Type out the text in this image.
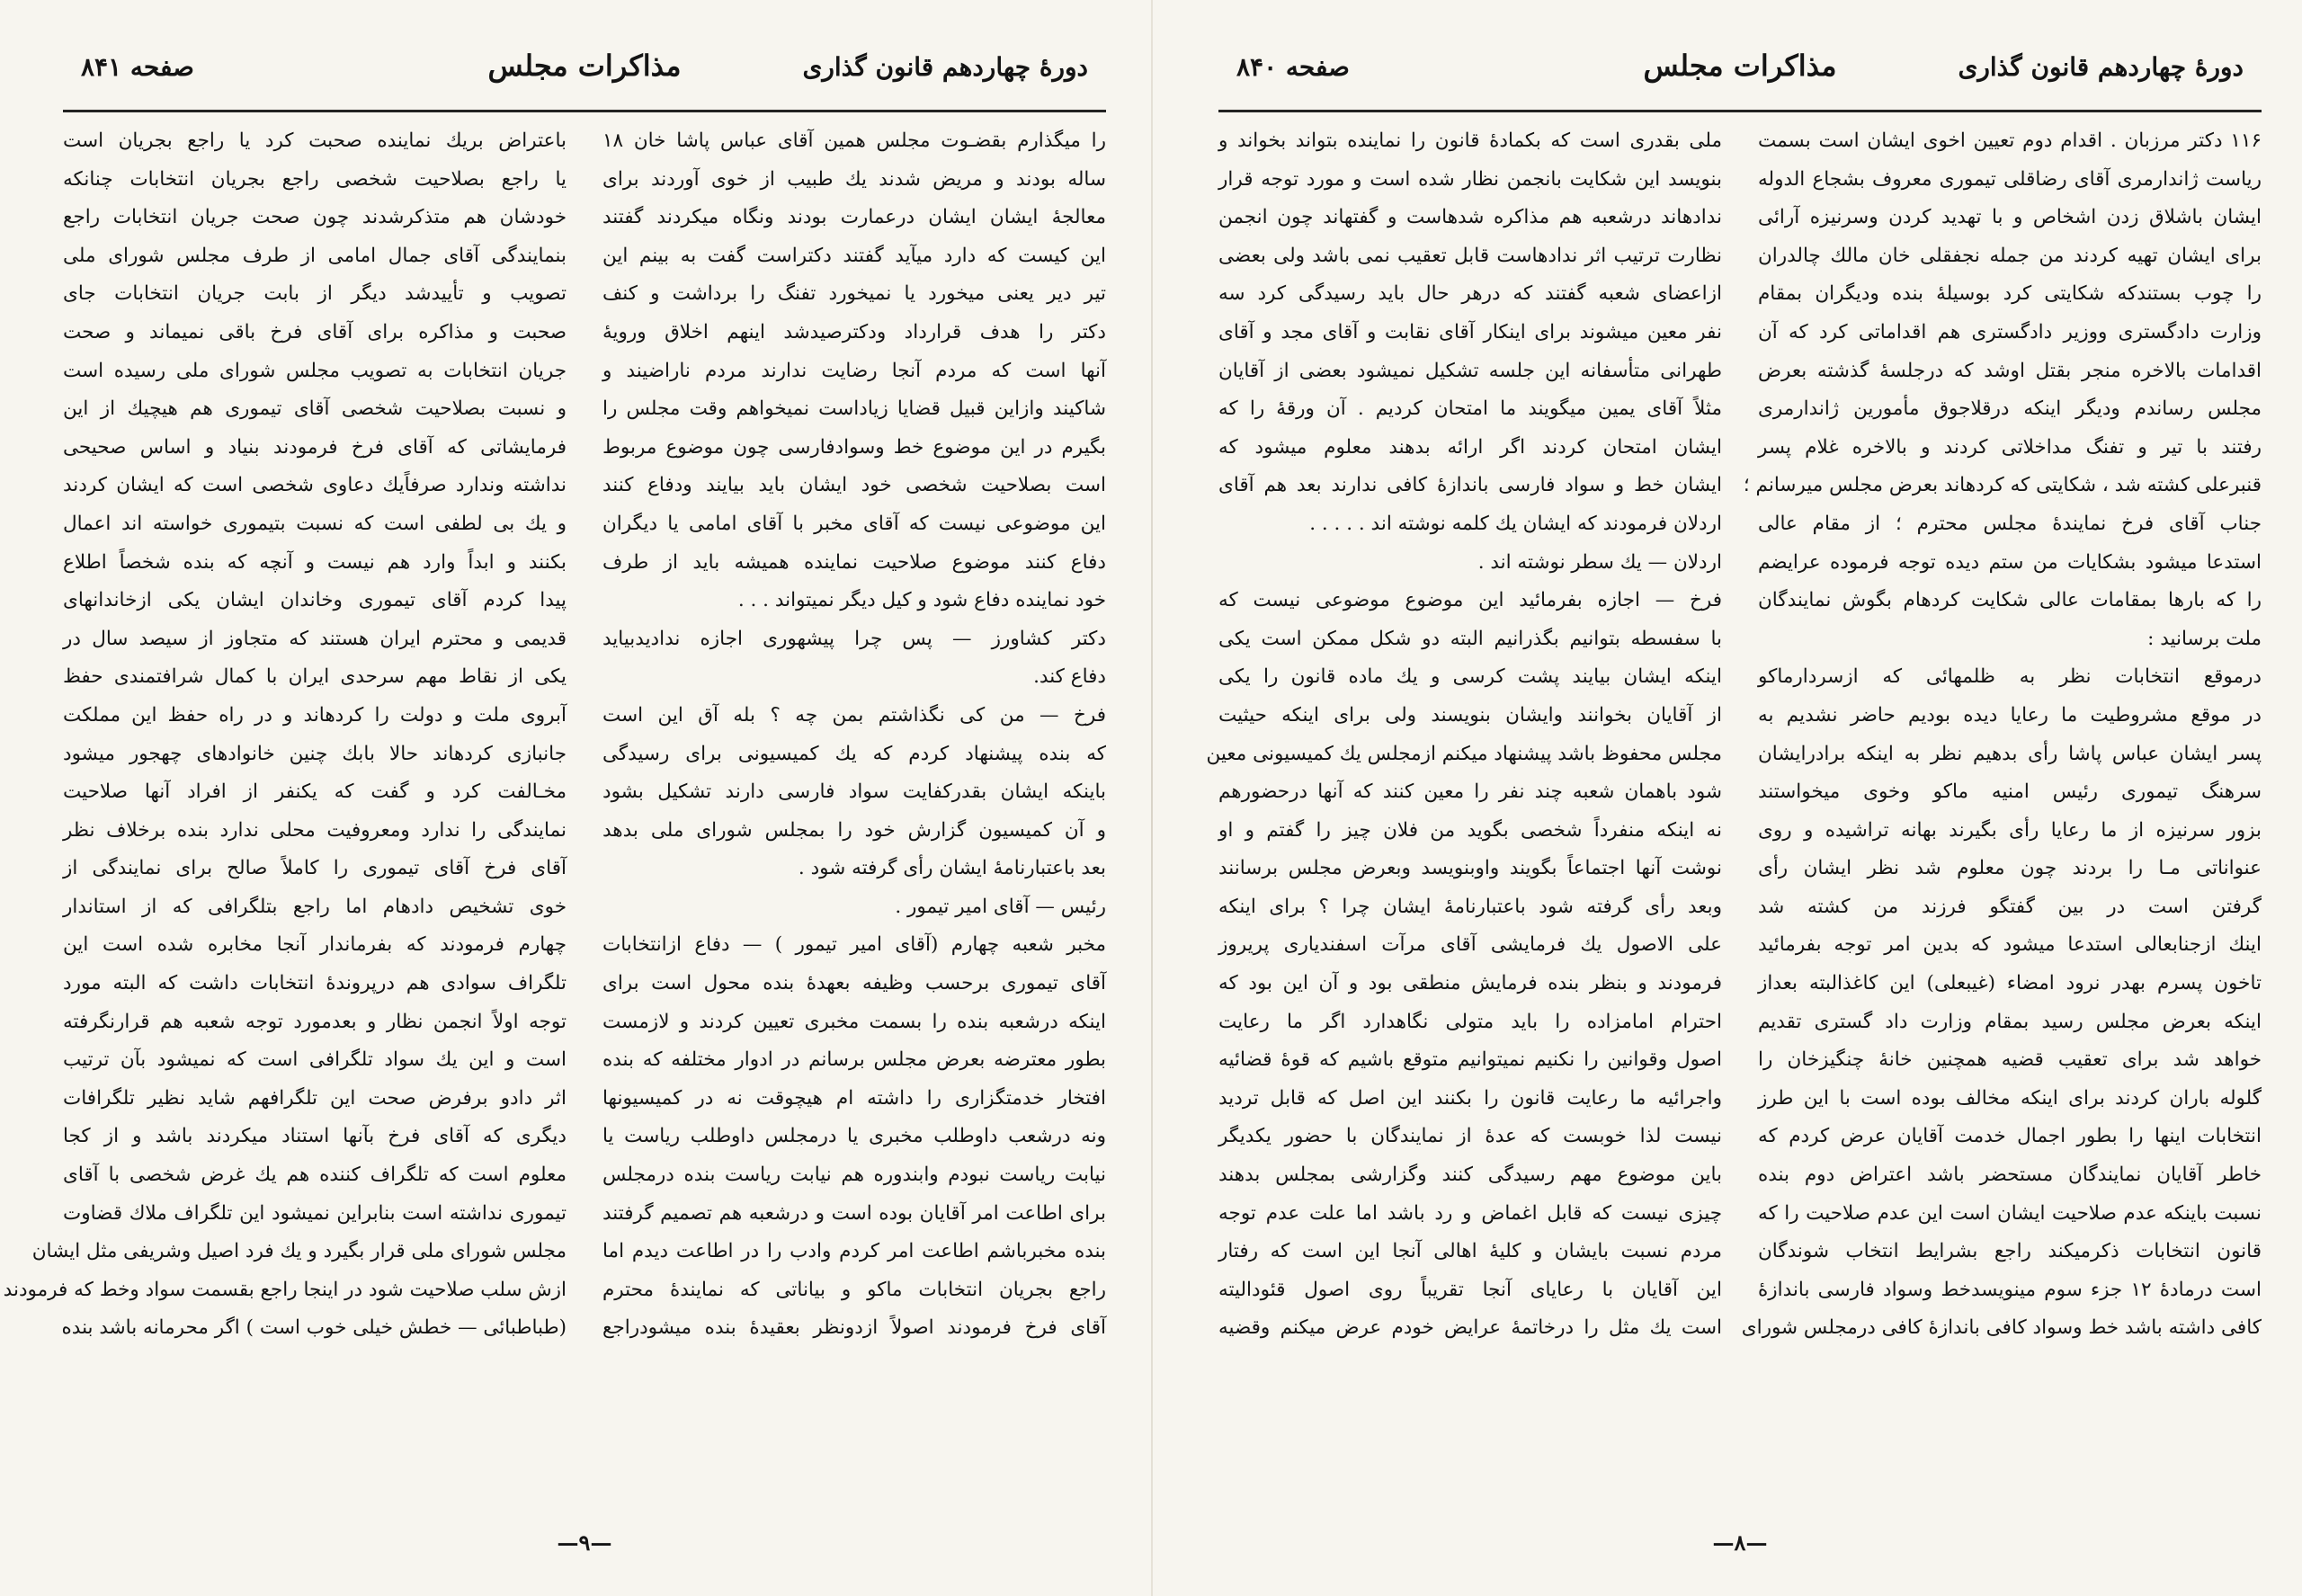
دورهٔ چهاردهم قانون گذاری
مذاکرات مجلس
صفحه ۸۴۱

را میگذارم بقضـوت مجلس همین آقای عباس پاشا خان ۱۸

ساله بودند و مریض شدند یك طبیب از خوی آوردند برای

معالجهٔ ایشان ایشان درعمارت بودند ونگاه میکردند گفتند

این کیست که دارد میآید گفتند دکتراست گفت به بینم این

تیر دیر یعنی میخورد یا نمیخورد تفنگ را برداشت و کنف

دکتر را هدف قرارداد ودکترصیدشد اینهم اخلاق ورویهٔ

آنها است که مردم آنجا رضایت ندارند مردم ناراضیند و

شاکیند وازاین قبیل قضایا زیاداست نمیخواهم وقت مجلس را

بگیرم در این موضوع خط وسوادفارسی چون موضوع مربوط

است بصلاحیت شخصی خود ایشان باید بیایند ودفاع کنند

این موضوعی نیست که آقای مخبر با آقای امامی یا دیگران

دفاع کنند موضوع صلاحیت نماینده همیشه باید از طرف

خود نماینده دفاع شود و کیل دیگر نمیتواند . . .

دکتر کشاورز — پس چرا پیشهوری اجازه ندادیدبیاید

دفاع کند.

فرخ — من کی نگذاشتم بمن چه ؟ بله آق این است

که بنده پیشنهاد کردم که یك کمیسیونی برای رسیدگی

باینکه ایشان بقدرکفایت سواد فارسی دارند تشکیل بشود

و آن کمیسیون گزارش خود را بمجلس شورای ملی بدهد

بعد باعتبارنامهٔ ایشان رأی گرفته شود .

رئیس — آقای امیر تیمور .

مخبر شعبه چهارم (آقای امیر تیمور ) — دفاع ازانتخابات

آقای تیموری برحسب وظیفه بعهدهٔ بنده محول است برای

اینکه درشعبه بنده را بسمت مخبری تعیین کردند و لازمست

بطور معترضه بعرض مجلس برسانم در ادوار مختلفه که بنده

افتخار خدمتگزاری را داشته ام هیچوقت نه در کمیسیونها

ونه درشعب داوطلب مخبری یا درمجلس داوطلب ریاست یا

نیابت ریاست نبودم وابندوره هم نیابت ریاست بنده درمجلس

برای اطاعت امر آقایان بوده است و درشعبه هم تصمیم گرفتند

بنده مخبرباشم اطاعت امر کردم وادب را در اطاعت دیدم اما

راجع بجریان انتخابات ماکو و بیاناتی که نمایندهٔ محترم

آقای فرخ فرمودند اصولاً ازدونظر بعقیدهٔ بنده میشودراجع

باعتراض بریك نماینده صحبت کرد یا راجع بجریان است

یا راجع بصلاحیت شخصی راجع بجریان انتخابات چنانکه

خودشان هم متذکرشدند چون صحت جریان انتخابات راجع

بنمایندگی آقای جمال امامی از طرف مجلس شورای ملی

تصویب و تأییدشد دیگر از بابت جریان انتخابات جای

صحبت و مذاکره برای آقای فرخ باقی نمیماند و صحت

جریان انتخابات به تصویب مجلس شورای ملی رسیده است

و نسبت بصلاحیت شخصی آقای تیموری هم هیچیك از این

فرمایشاتی که آقای فرخ فرمودند بنیاد و اساس صحیحی

نداشته وندارد صرفاًیك دعاوی شخصی است که ایشان کردند

و یك بی لطفی است که نسبت بتیموری خواسته اند اعمال

بکنند و ابداً وارد هم نیست و آنچه که بنده شخصاً اطلاع

پیدا کردم آقای تیموری وخاندان ایشان یکی ازخاندانهای

قدیمی و محترم ایران هستند که متجاوز از سیصد سال در

یکی از نقاط مهم سرحدی ایران با کمال شرافتمندی حفظ

آبروی ملت و دولت را کردهاند و در راه حفظ این مملکت

جانبازی کردهاند حالا بابك چنین خانوادهای چهجور میشود

مخـالفت کرد و گفت که یکنفر از افراد آنها صلاحیت

نمایندگی را ندارد ومعروفیت محلی ندارد بنده برخلاف نظر

آقای فرخ آقای تیموری را کاملاً صالح برای نمایندگی از

خوی تشخیص دادهام اما راجع بتلگرافی که از استاندار

چهارم فرمودند که بفرماندار آنجا مخابره شده است این

تلگراف سوادی هم درپروندهٔ انتخابات داشت که البته مورد

توجه اولاً انجمن نظار و بعدمورد توجه شعبه هم قرارنگرفته

است و این یك سواد تلگرافی است که نمیشود بآن ترتیب

اثر دادو برفرض صحت این تلگرافهم شاید نظیر تلگرافات

دیگری که آقای فرخ بآنها استناد میکردند باشد و از کجا

معلوم است که تلگراف کننده هم یك غرض شخصی با آقای

تیموری نداشته است بنابراین نمیشود این تلگراف ملاك قضاوت

مجلس شورای ملی قرار بگیرد و یك فرد اصیل وشریفی مثل ایشان

ازش سلب صلاحیت شود در اینجا راجع بقسمت سواد وخط که فرمودند

(طباطبائی — خطش خیلی خوب است ) اگر محرمانه باشد بنده

—۹—
دورهٔ چهاردهم قانون گذاری
مذاکرات مجلس
صفحه ۸۴۰

۱۱۶ دکتر مرزبان . اقدام دوم تعیین اخوی ایشان است بسمت

ریاست ژاندارمری آقای رضاقلی تیموری معروف بشجاع الدوله

ایشان باشلاق زدن اشخاص و با تهدید کردن وسرنیزه آرائی

برای ایشان تهیه کردند من جمله نجفقلی خان مالك چالدران

را چوب بستندکه شکایتی کرد بوسیلهٔ بنده ودیگران بمقام

وزارت دادگستری ووزیر دادگستری هم اقداماتی کرد که آن

اقدامات بالاخره منجر بقتل اوشد که درجلسهٔ گذشته بعرض

مجلس رساندم ودیگر اینکه درقلاجوق مأمورین ژاندارمری

رفتند با تیر و تفنگ مداخلاتی کردند و بالاخره غلام پسر

قنبرعلی کشته شد ، شکایتی که کردهاند بعرض مجلس میرسانم ؛

جناب آقای فرخ نمایندهٔ مجلس محترم ؛ از مقام عالی

استدعا میشود بشکایات من ستم دیده توجه فرموده عرایضم

را که بارها بمقامات عالی شکایت کردهام بگوش نمایندگان

ملت برسانید :

درموقع انتخابات نظر به ظلمهائی که ازسردارماکو

در موقع مشروطیت ما رعایا دیده بودیم حاضر نشدیم به

پسر ایشان عباس پاشا رأی بدهیم نظر به اینکه برادرایشان

سرهنگ تیموری رئیس امنیه ماکو وخوی میخواستند

بزور سرنیزه از ما رعایا رأی بگیرند بهانه تراشیده و روی

عنواناتی مـا را بردند چون معلوم شد نظر ایشان رأی

گرفتن است در بین گفتگو فرزند من کشته شد

اینك ازجنابعالی استدعا میشود که بدین امر توجه بفرمائید

تاخون پسرم بهدر نرود امضاء (غیبعلی) این کاغذالبته بعداز

اینکه بعرض مجلس رسید بمقام وزارت داد گستری تقدیم

خواهد شد برای تعقیب قضیه همچنین خانهٔ چنگیزخان را

گلوله باران کردند برای اینکه مخالف بوده است با این طرز

انتخابات اینها را بطور اجمال خدمت آقایان عرض کردم که

خاطر آقایان نمایندگان مستحضر باشد اعتراض دوم بنده

نسبت باینکه عدم صلاحیت ایشان است این عدم صلاحیت را که

قانون انتخابات ذکرمیکند راجع بشرایط انتخاب شوندگان

است درمادهٔ ۱۲ جزء سوم مینویسدخط وسواد فارسی باندازهٔ

کافی داشته باشد خط وسواد کافی باندازهٔ کافی درمجلس شورای

ملی بقدری است که بکمادهٔ قانون را نماینده بتواند بخواند و

بنویسد این شکایت بانجمن نظار شده است و مورد توجه قرار

ندادهاند درشعبه هم مذاکره شدهاست و گفتهاند چون انجمن

نظارت ترتیب اثر ندادهاست قابل تعقیب نمی باشد ولی بعضی

ازاعضای شعبه گفتند که درهر حال باید رسیدگی کرد سه

نفر معین میشوند برای اینکار آقای نقابت و آقای مجد و آقای

طهرانی متأسفانه این جلسه تشکیل نمیشود بعضی از آقایان

مثلاً آقای یمین میگویند ما امتحان کردیم . آن ورقهٔ را که

ایشان امتحان کردند اگر ارائه بدهند معلوم میشود که

ایشان خط و سواد فارسی باندازهٔ کافی ندارند بعد هم آقای

اردلان فرمودند که ایشان یك کلمه نوشته اند . . . . .

اردلان — یك سطر نوشته اند .

فرخ — اجازه بفرمائید این موضوع موضوعی نیست که

با سفسطه بتوانیم بگذرانیم البته دو شکل ممکن است یکی

اینکه ایشان بیایند پشت کرسی و یك ماده قانون را یکی

از آقایان بخوانند وایشان بنویسند ولی برای اینکه حیثیت

مجلس محفوظ باشد پیشنهاد میکنم ازمجلس یك کمیسیونی معین

شود باهمان شعبه چند نفر را معین کنند که آنها درحضورهم

نه اینکه منفرداً شخصی بگوید من فلان چیز را گفتم و او

نوشت آنها اجتماعاً بگویند واوبنویسد وبعرض مجلس برسانند

وبعد رأی گرفته شود باعتبارنامهٔ ایشان چرا ؟ برای اینکه

علی الاصول یك فرمایشی آقای مرآت اسفندیاری پریروز

فرمودند و بنظر بنده فرمایش منطقی بود و آن این بود که

احترام امامزاده را باید متولی نگاهدارد اگر ما رعایت

اصول وقوانین را نکنیم نمیتوانیم متوقع باشیم که قوهٔ قضائیه

واجرائیه ما رعایت قانون را بکنند این اصل که قابل تردید

نیست لذا خوبست که عدهٔ از نمایندگان با حضور یکدیگر

باین موضوع مهم رسیدگی کنند وگزارشی بمجلس بدهند

چیزی نیست که قابل اغماض و رد باشد اما علت عدم توجه

مردم نسبت بایشان و کلیهٔ اهالی آنجا این است که رفتار

این آقایان با رعایای آنجا تقریباً روی اصول قئودالیته

است یك مثل را درخاتمهٔ عرایض خودم عرض میکنم وقضیه

—۸—
